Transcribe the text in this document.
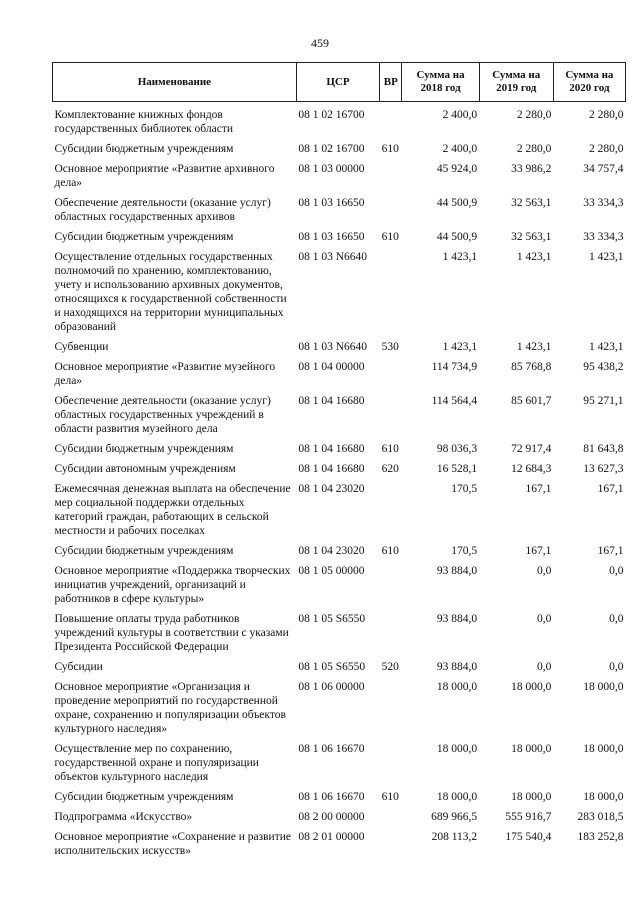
459
Наименование	ЦСР	ВР	Сумма на 2018 год	Сумма на 2019 год	Сумма на 2020 год

Комплектование книжных фондов государственных библиотек области	08 1 02 16700		2 400,0	2 280,0	2 280,0

Субсидии бюджетным учреждениям	08 1 02 16700	610	2 400,0	2 280,0	2 280,0

Основное мероприятие «Развитие архивного дела»	08 1 03 00000		45 924,0	33 986,2	34 757,4

Обеспечение деятельности (оказание услуг) областных государственных архивов	08 1 03 16650		44 500,9	32 563,1	33 334,3

Субсидии бюджетным учреждениям	08 1 03 16650	610	44 500,9	32 563,1	33 334,3

Осуществление отдельных государственных полномочий по хранению, комплектованию, учету и использованию архивных документов, относящихся к государственной собственности и находящихся на территории муниципальных образований	08 1 03 N6640		1 423,1	1 423,1	1 423,1

Субвенции	08 1 03 N6640	530	1 423,1	1 423,1	1 423,1

Основное мероприятие «Развитие музейного дела»	08 1 04 00000		114 734,9	85 768,8	95 438,2

Обеспечение деятельности (оказание услуг) областных государственных учреждений в области развития музейного дела	08 1 04 16680		114 564,4	85 601,7	95 271,1

Субсидии бюджетным учреждениям	08 1 04 16680	610	98 036,3	72 917,4	81 643,8

Субсидии автономным учреждениям	08 1 04 16680	620	16 528,1	12 684,3	13 627,3

Ежемесячная денежная выплата на обеспечение мер социальной поддержки отдельных категорий граждан, работающих в сельской местности и рабочих поселках	08 1 04 23020		170,5	167,1	167,1

Субсидии бюджетным учреждениям	08 1 04 23020	610	170,5	167,1	167,1

Основное мероприятие «Поддержка творческих инициатив учреждений, организаций и работников в сфере культуры»	08 1 05 00000		93 884,0	0,0	0,0

Повышение оплаты труда работников учреждений культуры в соответствии с указами Президента Российской Федерации	08 1 05 S6550		93 884,0	0,0	0,0

Субсидии	08 1 05 S6550	520	93 884,0	0,0	0,0

Основное мероприятие «Организация и проведение мероприятий по государственной охране, сохранению и популяризации объектов культурного наследия»	08 1 06 00000		18 000,0	18 000,0	18 000,0

Осуществление мер по сохранению, государственной охране и популяризации объектов культурного наследия	08 1 06 16670		18 000,0	18 000,0	18 000,0

Субсидии бюджетным учреждениям	08 1 06 16670	610	18 000,0	18 000,0	18 000,0

Подпрограмма «Искусство»	08 2 00 00000		689 966,5	555 916,7	283 018,5

Основное мероприятие «Сохранение и развитие исполнительских искусств»	08 2 01 00000		208 113,2	175 540,4	183 252,8
